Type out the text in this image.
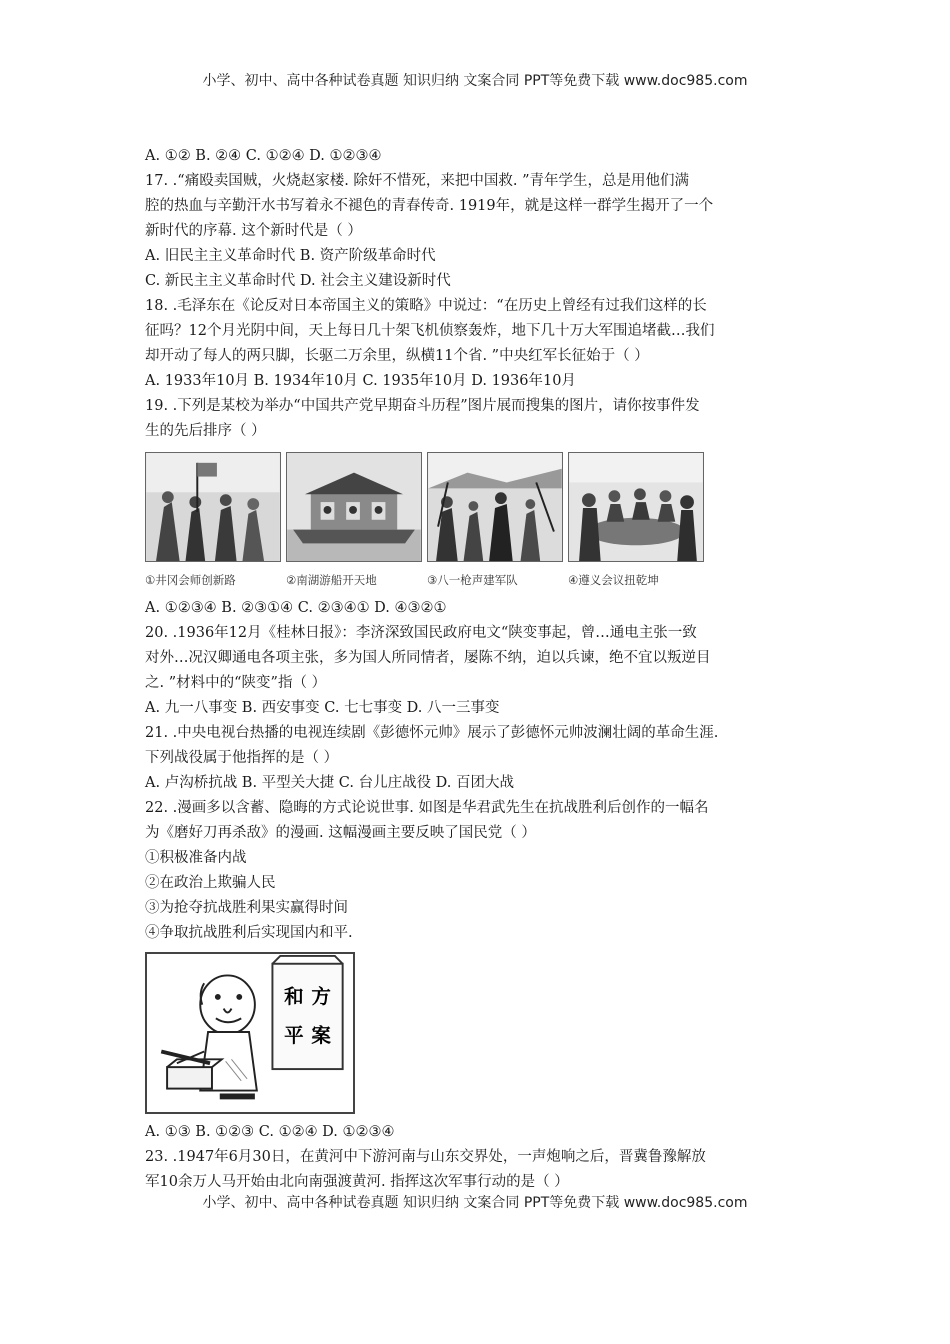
小学、初中、高中各种试卷真题 知识归纳 文案合同 PPT等免费下载 www.doc985.com
A. ①② B. ②④ C. ①②④ D. ①②③④
17. .“痛殴卖国贼，火烧赵家楼. 除奸不惜死，来把中国救. ”青年学生，总是用他们满
腔的热血与辛勤汗水书写着永不褪色的青春传奇. 1919年，就是这样一群学生揭开了一个
新时代的序幕. 这个新时代是（ ）
A. 旧民主主义革命时代 B. 资产阶级革命时代
C. 新民主主义革命时代 D. 社会主义建设新时代
18. .毛泽东在《论反对日本帝国主义的策略》中说过：“在历史上曾经有过我们这样的长
征吗？12个月光阴中间，天上每日几十架飞机侦察轰炸，地下几十万大军围追堵截…我们
却开动了每人的两只脚，长驱二万余里，纵横11个省. ”中央红军长征始于（ ）
A. 1933年10月 B. 1934年10月 C. 1935年10月 D. 1936年10月
19. .下列是某校为举办“中国共产党早期奋斗历程”图片展而搜集的图片，请你按事件发
生的先后排序（ ）
①井冈会师创新路	②南湖游船开天地	③八一枪声建军队	④遵义会议扭乾坤
A. ①②③④ B. ②③①④ C. ②③④① D. ④③②①
20. .1936年12月《桂林日报》：李济深致国民政府电文“陕变事起，曾…通电主张一致
对外…况汉卿通电各项主张，多为国人所同情者，屡陈不纳，迫以兵谏，绝不宜以叛逆目
之. ”材料中的“陕变”指（ ）
A. 九一八事变 B. 西安事变 C. 七七事变 D. 八一三事变
21. .中央电视台热播的电视连续剧《彭德怀元帅》展示了彭德怀元帅波澜壮阔的革命生涯.
下列战役属于他指挥的是（ ）
A. 卢沟桥抗战 B. 平型关大捷 C. 台儿庄战役 D. 百团大战
22. .漫画多以含蓄、隐晦的方式论说世事. 如图是华君武先生在抗战胜利后创作的一幅名
为《磨好刀再杀敌》的漫画. 这幅漫画主要反映了国民党（ ）
①积极准备内战
②在政治上欺骗人民
③为抢夺抗战胜利果实赢得时间
④争取抗战胜利后实现国内和平.
和 方
平 案
A. ①③ B. ①②③ C. ①②④ D. ①②③④
23. .1947年6月30日，在黄河中下游河南与山东交界处，一声炮响之后，晋冀鲁豫解放
军10余万人马开始由北向南强渡黄河. 指挥这次军事行动的是（ ）
小学、初中、高中各种试卷真题 知识归纳 文案合同 PPT等免费下载 www.doc985.com
